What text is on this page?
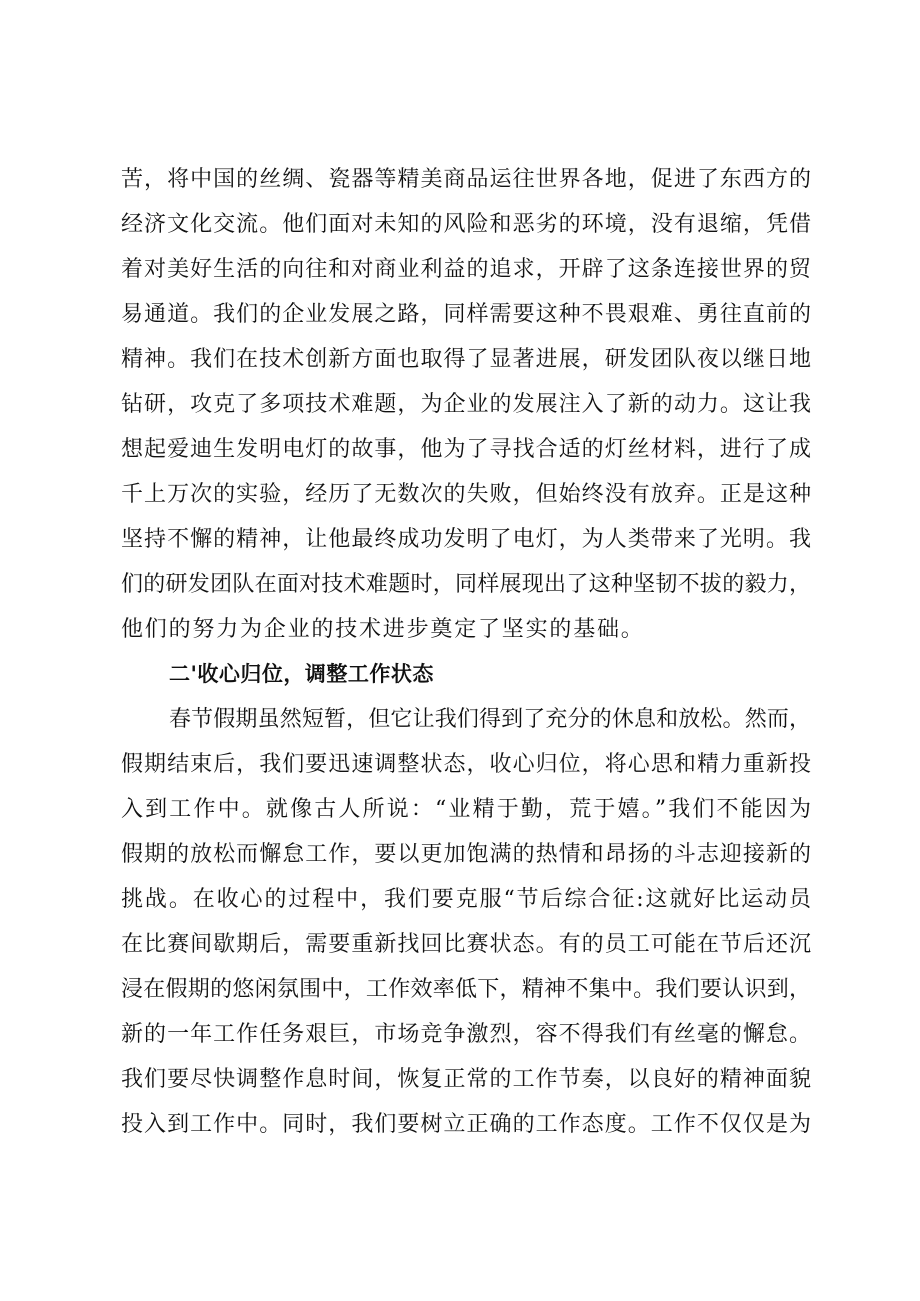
苦，将中国的丝绸、瓷器等精美商品运往世界各地，促进了东西方的
经济文化交流。他们面对未知的风险和恶劣的环境，没有退缩，凭借
着对美好生活的向往和对商业利益的追求，开辟了这条连接世界的贸
易通道。我们的企业发展之路，同样需要这种不畏艰难、勇往直前的
精神。我们在技术创新方面也取得了显著进展，研发团队夜以继日地
钻研，攻克了多项技术难题，为企业的发展注入了新的动力。这让我
想起爱迪生发明电灯的故事，他为了寻找合适的灯丝材料，进行了成
千上万次的实验，经历了无数次的失败，但始终没有放弃。正是这种
坚持不懈的精神，让他最终成功发明了电灯，为人类带来了光明。我
们的研发团队在面对技术难题时，同样展现出了这种坚韧不拔的毅力，
他们的努力为企业的技术进步奠定了坚实的基础。
二'收心归位，调整工作状态
春节假期虽然短暂，但它让我们得到了充分的休息和放松。然而，
假期结束后，我们要迅速调整状态，收心归位，将心思和精力重新投
入到工作中。就像古人所说：“业精于勤，荒于嬉。”我们不能因为
假期的放松而懈怠工作，要以更加饱满的热情和昂扬的斗志迎接新的
挑战。在收心的过程中，我们要克服“节后综合征:这就好比运动员
在比赛间歇期后，需要重新找回比赛状态。有的员工可能在节后还沉
浸在假期的悠闲氛围中，工作效率低下，精神不集中。我们要认识到，
新的一年工作任务艰巨，市场竞争激烈，容不得我们有丝毫的懈怠。
我们要尽快调整作息时间，恢复正常的工作节奏，以良好的精神面貌
投入到工作中。同时，我们要树立正确的工作态度。工作不仅仅是为
